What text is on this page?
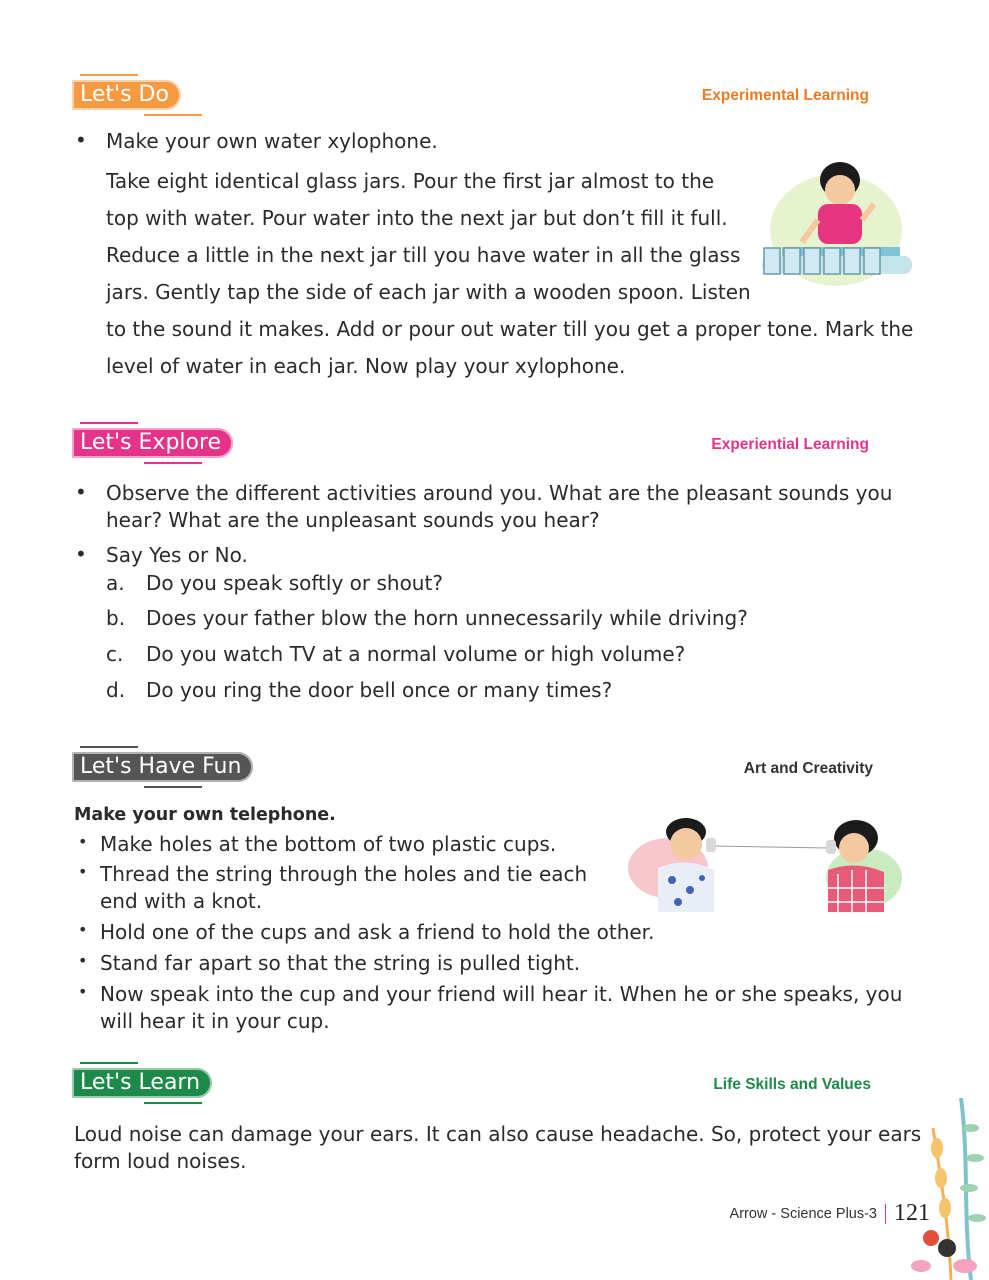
Let's Do	Experimental Learning
• Make your own water xylophone.
Take eight identical glass jars. Pour the first jar almost to the
top with water. Pour water into the next jar but don’t fill it full.
Reduce a little in the next jar till you have water in all the glass
jars. Gently tap the side of each jar with a wooden spoon. Listen
to the sound it makes. Add or pour out water till you get a proper tone. Mark the
level of water in each jar. Now play your xylophone.
Let's Explore	Experiential Learning
• Observe the different activities around you. What are the pleasant sounds you
hear? What are the unpleasant sounds you hear?
• Say Yes or No.
a. Do you speak softly or shout?
b. Does your father blow the horn unnecessarily while driving?
c. Do you watch TV at a normal volume or high volume?
d. Do you ring the door bell once or many times?
Let's Have Fun	Art and Creativity
Make your own telephone.
• Make holes at the bottom of two plastic cups.
• Thread the string through the holes and tie each
end with a knot.
• Hold one of the cups and ask a friend to hold the other.
• Stand far apart so that the string is pulled tight.
• Now speak into the cup and your friend will hear it. When he or she speaks, you
will hear it in your cup.
Let's Learn	Life Skills and Values
Loud noise can damage your ears. It can also cause headache. So, protect your ears
form loud noises.
Arrow - Science Plus-3 121
